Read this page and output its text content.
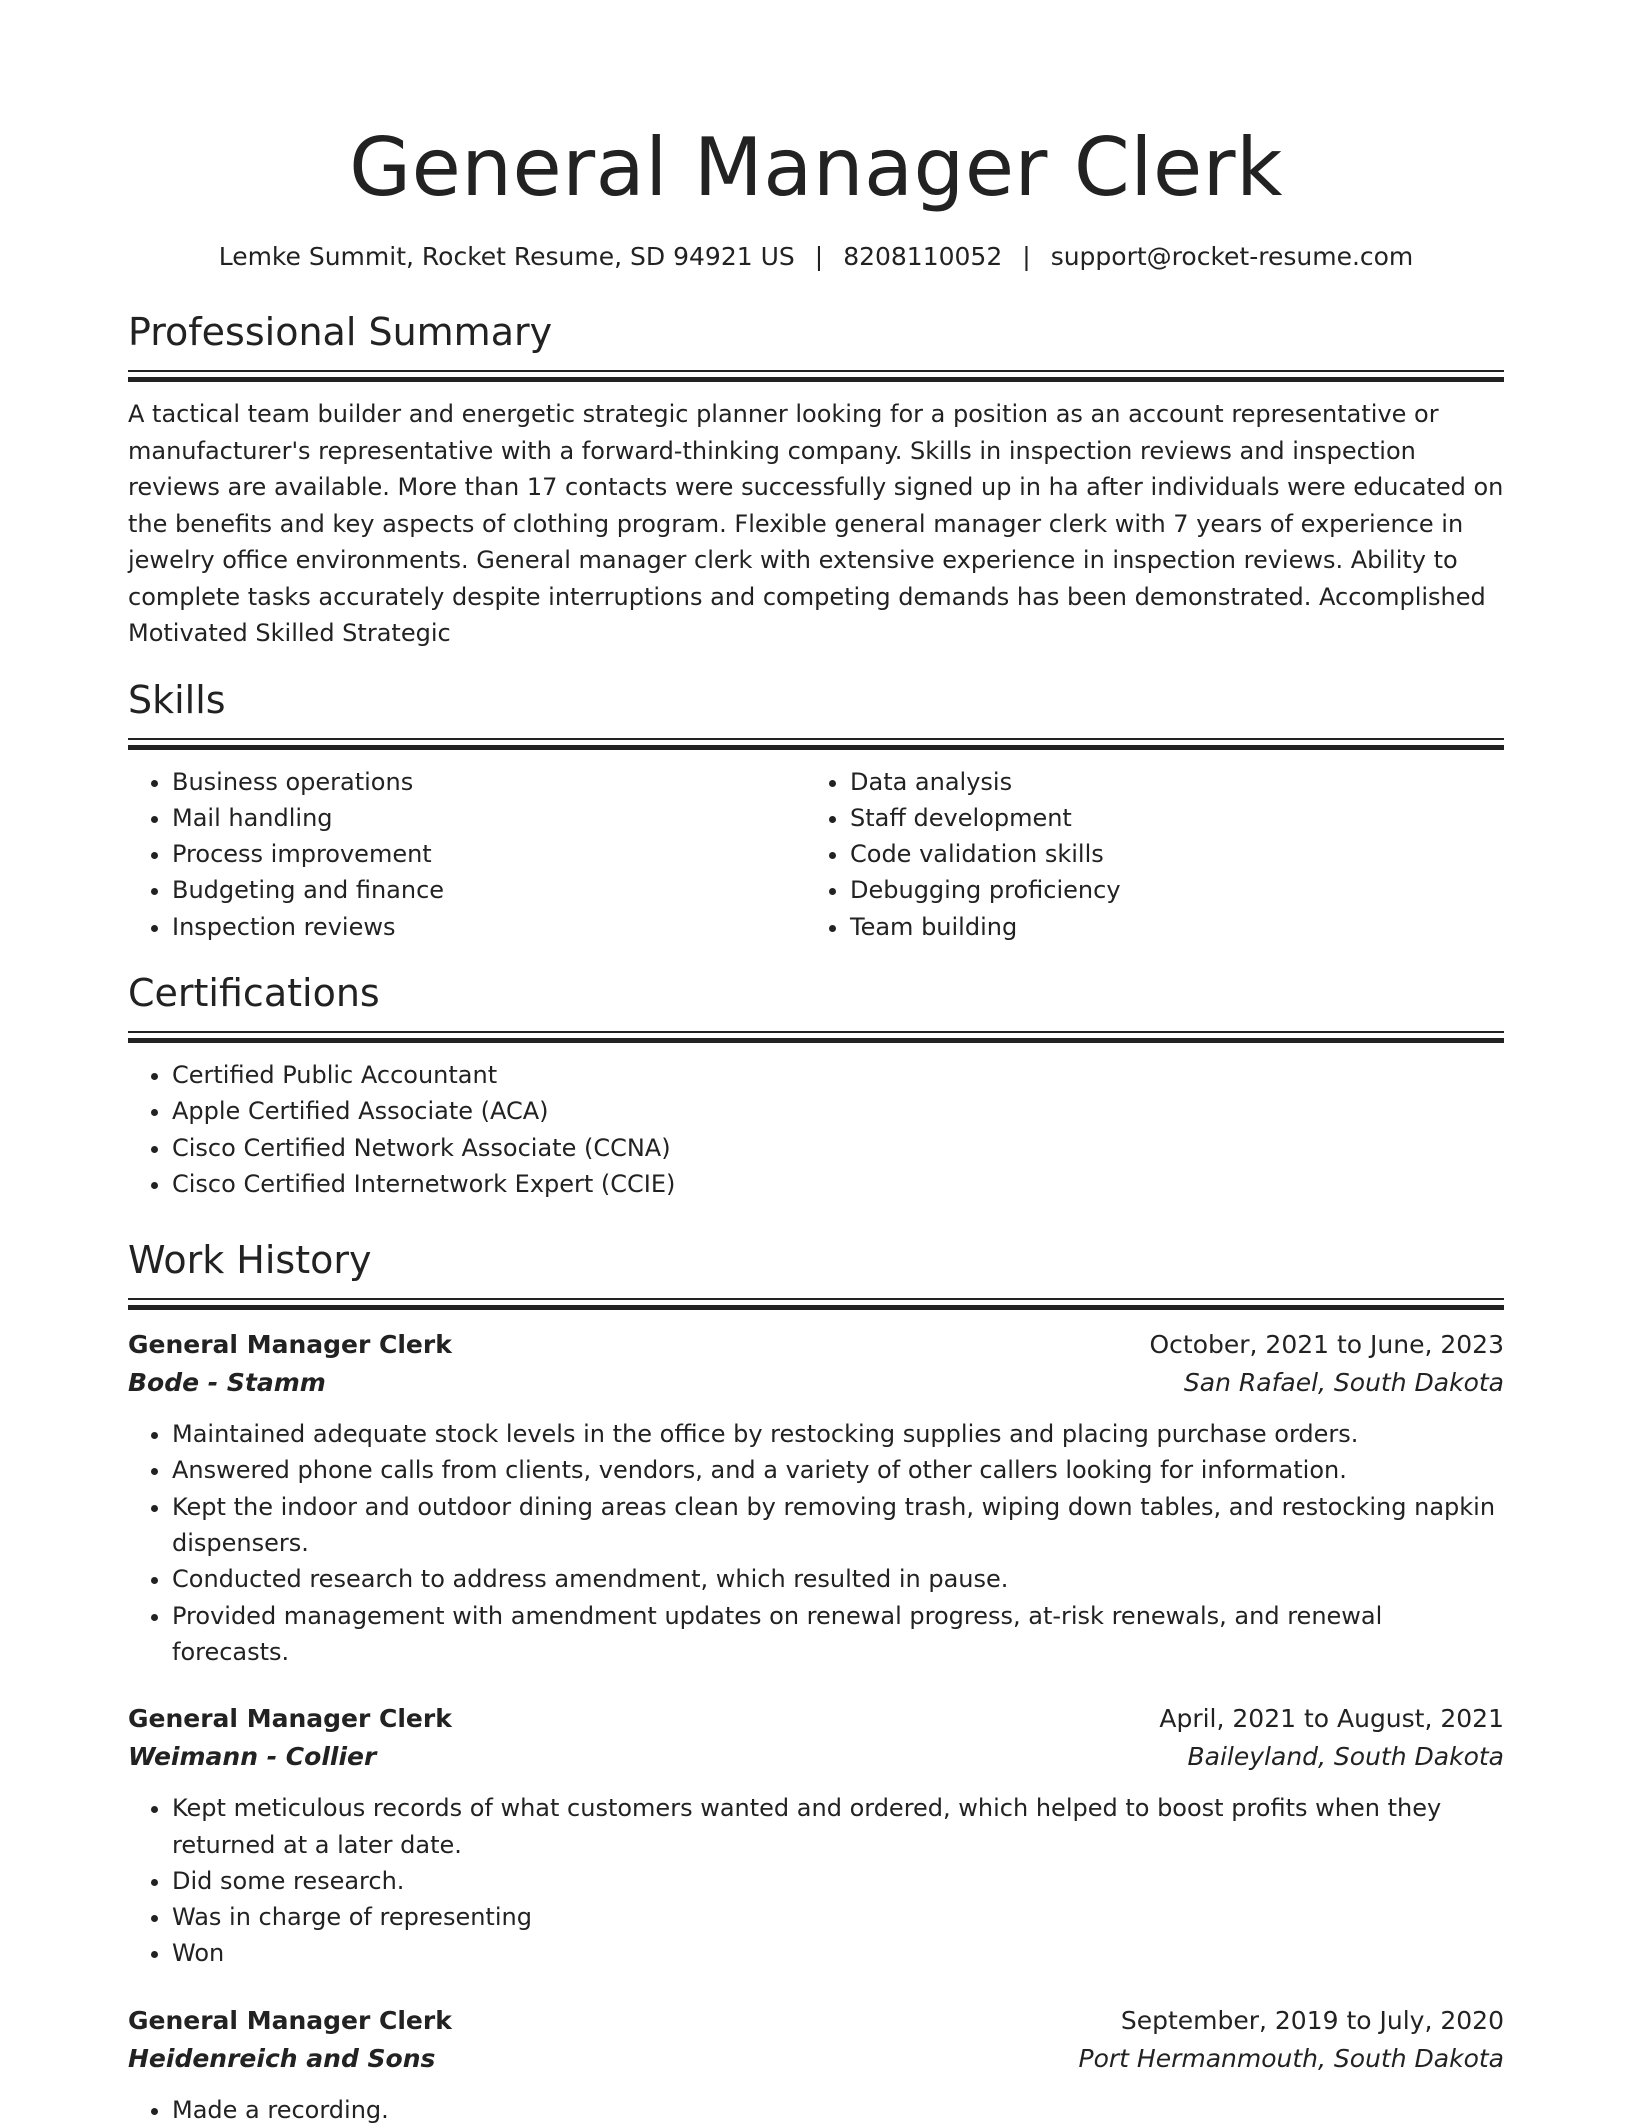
General Manager Clerk
Lemke Summit, Rocket Resume, SD 94921 US | 8208110052 | support@rocket-resume.com
Professional Summary

A tactical team builder and energetic strategic planner looking for a position as an account representative or manufacturer's representative with a forward-thinking company. Skills in inspection reviews and inspection reviews are available. More than 17 contacts were successfully signed up in ha after individuals were educated on the benefits and key aspects of clothing program. Flexible general manager clerk with 7 years of experience in jewelry office environments. General manager clerk with extensive experience in inspection reviews. Ability to complete tasks accurately despite interruptions and competing demands has been demonstrated. Accomplished Motivated Skilled Strategic

Skills
• Business operations
• Mail handling
• Process improvement
• Budgeting and finance
• Inspection reviews
• Data analysis
• Staff development
• Code validation skills
• Debugging proficiency
• Team building
Certifications
• Certified Public Accountant
• Apple Certified Associate (ACA)
• Cisco Certified Network Associate (CCNA)
• Cisco Certified Internetwork Expert (CCIE)
Work History
General Manager Clerk	October, 2021 to June, 2023
Bode - Stamm	San Rafael, South Dakota
• Maintained adequate stock levels in the office by restocking supplies and placing purchase orders.
• Answered phone calls from clients, vendors, and a variety of other callers looking for information.
• Kept the indoor and outdoor dining areas clean by removing trash, wiping down tables, and restocking napkin dispensers.
• Conducted research to address amendment, which resulted in pause.
• Provided management with amendment updates on renewal progress, at-risk renewals, and renewal forecasts.
General Manager Clerk	April, 2021 to August, 2021
Weimann - Collier	Baileyland, South Dakota
• Kept meticulous records of what customers wanted and ordered, which helped to boost profits when they returned at a later date.
• Did some research.
• Was in charge of representing
• Won
General Manager Clerk	September, 2019 to July, 2020
Heidenreich and Sons	Port Hermanmouth, South Dakota
• Made a recording.
